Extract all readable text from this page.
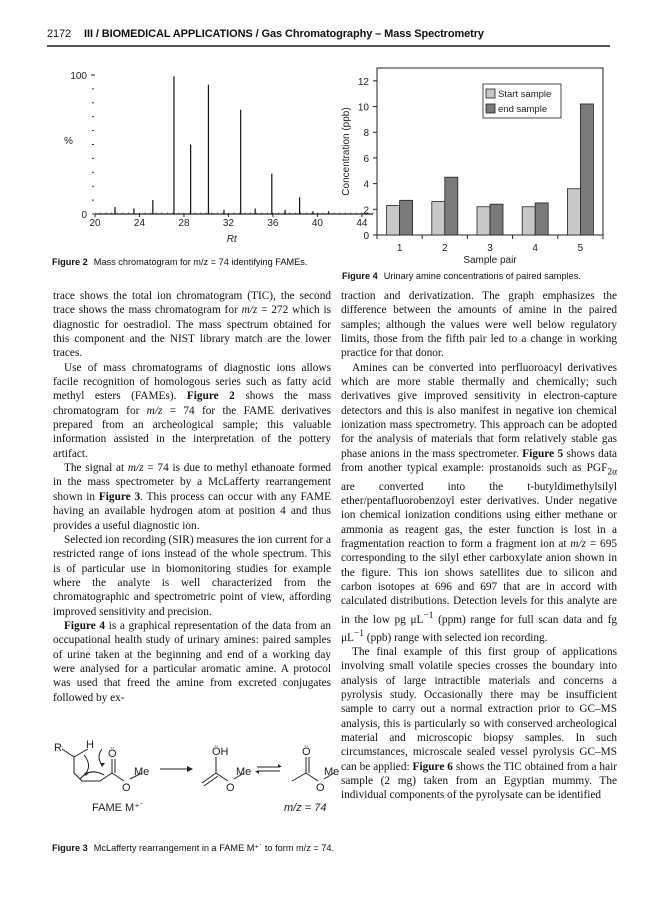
2172 III / BIOMEDICAL APPLICATIONS / Gas Chromatography – Mass Spectrometry
0
100
%
20	24	28	32	36	40	44
Rt
Figure 2 Mass chromatogram for m/z = 74 identifying FAMEs.
0
2
4
6
8
10
12
Concentration (ppb)
1	2	3	4	5
Sample pair
Start sample
end sample
Figure 4 Urinary amine concentrations of paired samples.

trace shows the total ion chromatogram (TIC), the second trace shows the mass chromatogram for m/z = 272 which is diagnostic for oestradiol. The mass spectrum obtained for this component and the NIST library match are the lower traces.

Use of mass chromatograms of diagnostic ions allows facile recognition of homologous series such as fatty acid methyl esters (FAMEs). Figure 2 shows the mass chromatogram for m/z = 74 for the FAME derivatives prepared from an archeological sample; this valuable information assisted in the interpretation of the pottery artifact.

The signal at m/z = 74 is due to methyl ethanoate formed in the mass spectrometer by a McLafferty rearrangement shown in Figure 3. This process can occur with any FAME having an available hydrogen atom at position 4 and thus provides a useful diagnostic ion.

Selected ion recording (SIR) measures the ion current for a restricted range of ions instead of the whole spectrum. This is of particular use in biomonitoring studies for example where the analyte is well characterized from the chromatographic and spectrometric point of view, affording improved sensitivity and precision.

Figure 4 is a graphical representation of the data from an occupational health study of urinary amines: paired samples of urine taken at the beginning and end of a working day were analysed for a particular aromatic amine. A protocol was used that freed the amine from excreted conjugates followed by ex-

R H
Ö
O
Me
FAME M⁺˙
ÖH
O
Me
Ö
O
Me
m/z = 74
Figure 3 McLafferty rearrangement in a FAME M⁺˙ to form m/z = 74.

traction and derivatization. The graph emphasizes the difference between the amounts of amine in the paired samples; although the values were well below regulatory limits, those from the fifth pair led to a change in working practice for that donor.

Amines can be converted into perfluoroacyl derivatives which are more stable thermally and chemically; such derivatives give improved sensitivity in electron-capture detectors and this is also manifest in negative ion chemical ionization mass spectrometry. This approach can be adopted for the analysis of materials that form relatively stable gas phase anions in the mass spectrometer. Figure 5 shows data from another typical example: prostanoids such as $PGF_{2\alpha}$ are converted into the t-butyldimethylsilyl ether/pentafluorobenzoyl ester derivatives. Under negative ion chemical ionization conditions using either methane or ammonia as reagent gas, the ester function is lost in a fragmentation reaction to form a fragment ion at m/z = 695 corresponding to the silyl ether carboxylate anion shown in the figure. This ion shows satellites due to silicon and carbon isotopes at 696 and 697 that are in accord with calculated distributions. Detection levels for this analyte are in the low pg $\mu L^{-1}$ (ppm) range for full scan data and fg $\mu L^{-1}$ (ppb) range with selected ion recording.

The final example of this first group of applications involving small volatile species crosses the boundary into analysis of large intractible materials and concerns a pyrolysis study. Occasionally there may be insufficient sample to carry out a normal extraction prior to GC–MS analysis, this is particularly so with conserved archeological material and microscopic biopsy samples. In such circumstances, microscale sealed vessel pyrolysis GC–MS can be applied: Figure 6 shows the TIC obtained from a hair sample (2 mg) taken from an Egyptian mummy. The individual components of the pyrolysate can be identified
